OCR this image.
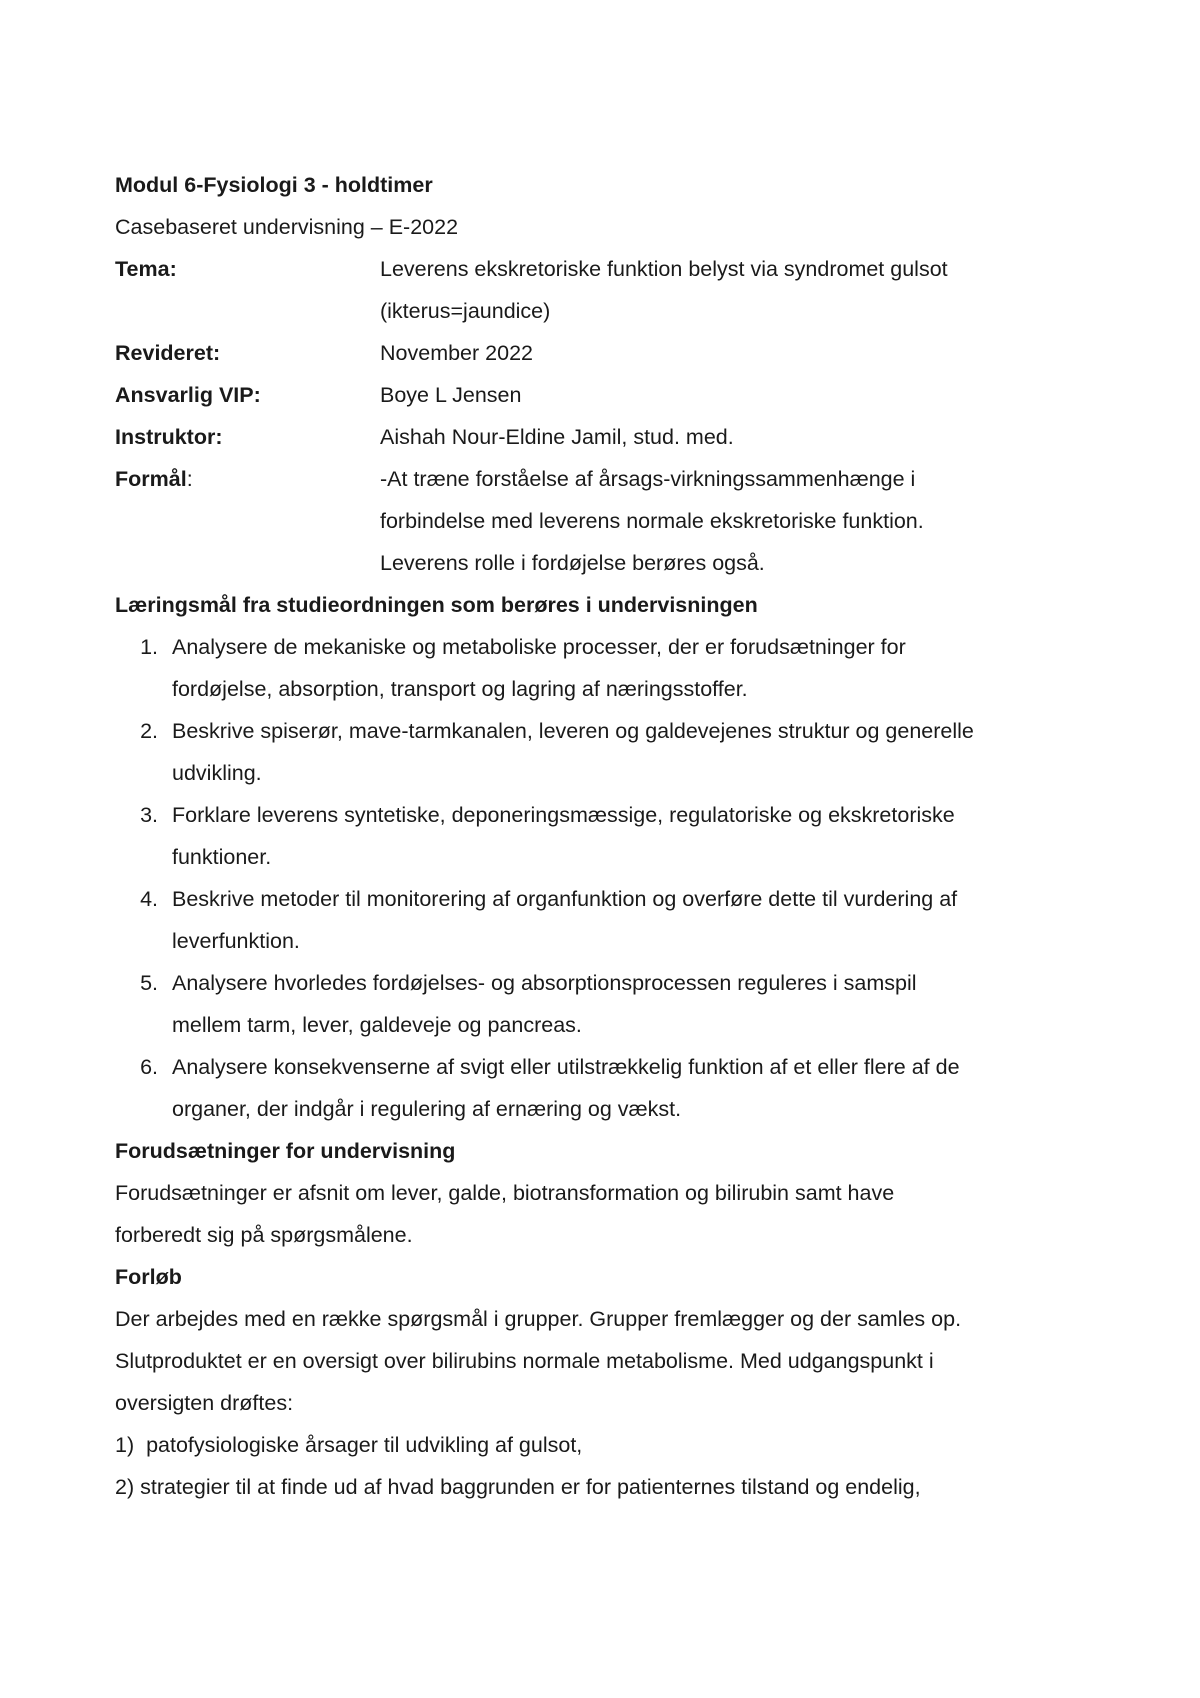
Modul 6-Fysiologi 3 - holdtimer
Casebaseret undervisning – E-2022
Tema:	Leverens ekskretoriske funktion belyst via syndromet gulsot
(ikterus=jaundice)
Revideret:	November 2022
Ansvarlig VIP:	Boye L Jensen
Instruktor:	Aishah Nour-Eldine Jamil, stud. med.
Formål:	-At træne forståelse af årsags-virkningssammenhænge i
forbindelse med leverens normale ekskretoriske funktion.
Leverens rolle i fordøjelse berøres også.
Læringsmål fra studieordningen som berøres i undervisningen
1. Analysere de mekaniske og metaboliske processer, der er forudsætninger for
fordøjelse, absorption, transport og lagring af næringsstoffer.
2. Beskrive spiserør, mave-tarmkanalen, leveren og galdevejenes struktur og generelle
udvikling.
3. Forklare leverens syntetiske, deponeringsmæssige, regulatoriske og ekskretoriske
funktioner.
4. Beskrive metoder til monitorering af organfunktion og overføre dette til vurdering af
leverfunktion.
5. Analysere hvorledes fordøjelses- og absorptionsprocessen reguleres i samspil
mellem tarm, lever, galdeveje og pancreas.
6. Analysere konsekvenserne af svigt eller utilstrækkelig funktion af et eller flere af de
organer, der indgår i regulering af ernæring og vækst.
Forudsætninger for undervisning
Forudsætninger er afsnit om lever, galde, biotransformation og bilirubin samt have
forberedt sig på spørgsmålene.
Forløb
Der arbejdes med en række spørgsmål i grupper. Grupper fremlægger og der samles op.
Slutproduktet er en oversigt over bilirubins normale metabolisme. Med udgangspunkt i
oversigten drøftes:
1)  patofysiologiske årsager til udvikling af gulsot,
2) strategier til at finde ud af hvad baggrunden er for patienternes tilstand og endelig,
